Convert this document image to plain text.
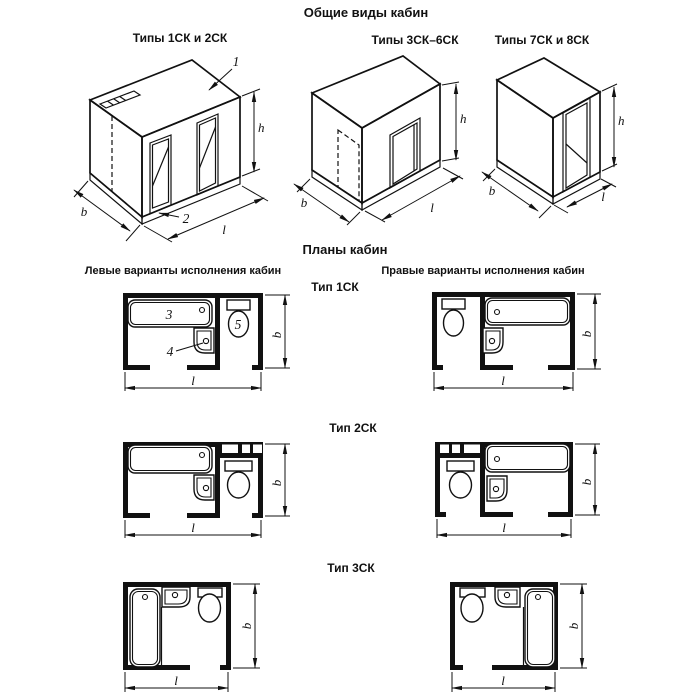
Общие виды кабин
Типы 1СК и 2СК	Типы 3СК–6СК	Типы 7СК и 8СК
Планы кабин
Левые варианты исполнения кабин	Правые варианты исполнения кабин
Тип 1СК
Тип 2СК
Тип 3СК
1
2
h
b
l
h
b	l
h
b	l
3
4
5
b
l
b
l
b
l
b
l
b
l
b
l
